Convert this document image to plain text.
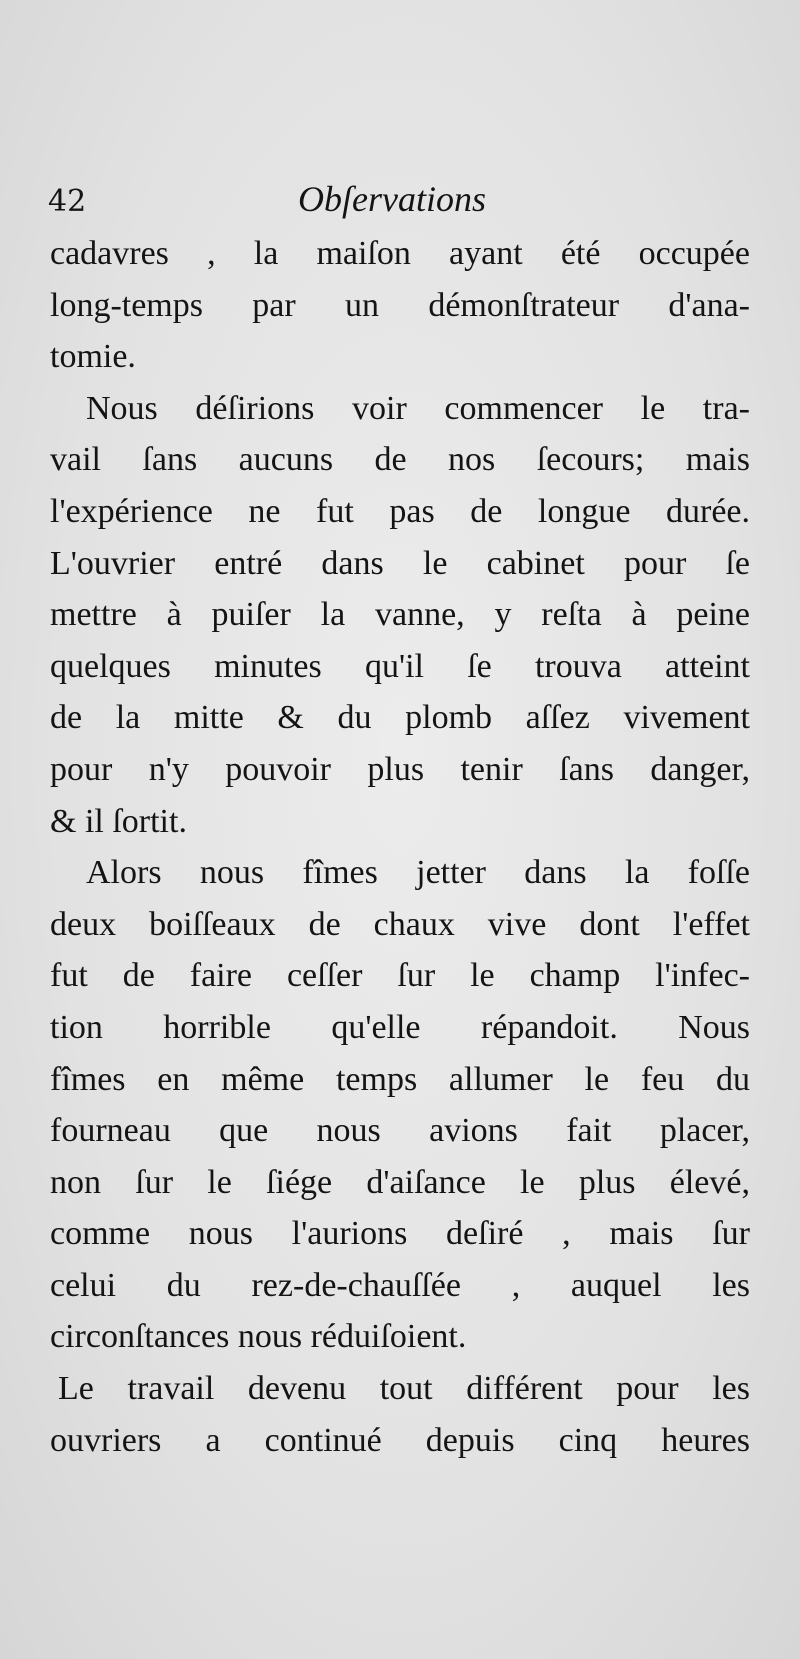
42	Obſervations
cadavres , la maiſon ayant été occupée
long-temps par un démonſtrateur d'ana-
tomie.
Nous déſirions voir commencer le tra-
vail ſans aucuns de nos ſecours; mais
l'expérience ne fut pas de longue durée.
L'ouvrier entré dans le cabinet pour ſe
mettre à puiſer la vanne, y reſta à peine
quelques minutes qu'il ſe trouva atteint
de la mitte & du plomb aſſez vivement
pour n'y pouvoir plus tenir ſans danger,
& il ſortit.
Alors nous fîmes jetter dans la foſſe
deux boiſſeaux de chaux vive dont l'effet
fut de faire ceſſer ſur le champ l'infec-
tion horrible qu'elle répandoit. Nous
fîmes en même temps allumer le feu du
fourneau que nous avions fait placer,
non ſur le ſiége d'aiſance le plus élevé,
comme nous l'aurions deſiré , mais ſur
celui du rez-de-chauſſée , auquel les
circonſtances nous réduiſoient.
Le travail devenu tout différent pour les
ouvriers a continué depuis cinq heures
